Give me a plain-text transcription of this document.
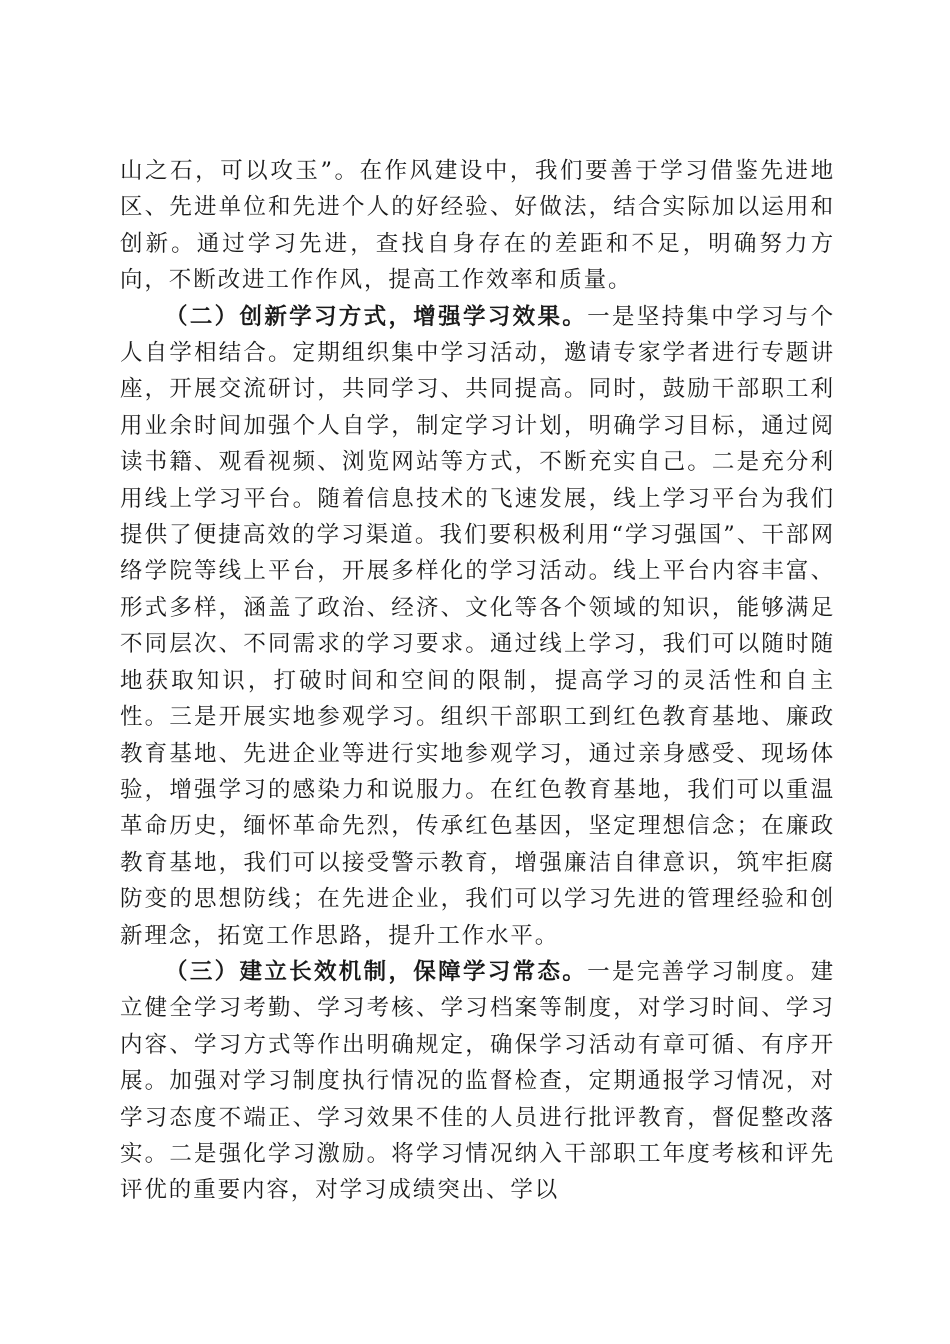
山之石，可以攻玉”。在作风建设中，我们要善于学习借鉴先进地区、先进单位和先进个人的好经验、好做法，结合实际加以运用和创新。通过学习先进，查找自身存在的差距和不足，明确努力方向，不断改进工作作风，提高工作效率和质量。

（二）创新学习方式，增强学习效果。一是坚持集中学习与个人自学相结合。定期组织集中学习活动，邀请专家学者进行专题讲座，开展交流研讨，共同学习、共同提高。同时，鼓励干部职工利用业余时间加强个人自学，制定学习计划，明确学习目标，通过阅读书籍、观看视频、浏览网站等方式，不断充实自己。二是充分利用线上学习平台。随着信息技术的飞速发展，线上学习平台为我们提供了便捷高效的学习渠道。我们要积极利用“学习强国”、干部网络学院等线上平台，开展多样化的学习活动。线上平台内容丰富、形式多样，涵盖了政治、经济、文化等各个领域的知识，能够满足不同层次、不同需求的学习要求。通过线上学习，我们可以随时随地获取知识，打破时间和空间的限制，提高学习的灵活性和自主性。三是开展实地参观学习。组织干部职工到红色教育基地、廉政教育基地、先进企业等进行实地参观学习，通过亲身感受、现场体验，增强学习的感染力和说服力。在红色教育基地，我们可以重温革命历史，缅怀革命先烈，传承红色基因，坚定理想信念；在廉政教育基地，我们可以接受警示教育，增强廉洁自律意识，筑牢拒腐防变的思想防线；在先进企业，我们可以学习先进的管理经验和创新理念，拓宽工作思路，提升工作水平。

（三）建立长效机制，保障学习常态。一是完善学习制度。建立健全学习考勤、学习考核、学习档案等制度，对学习时间、学习内容、学习方式等作出明确规定，确保学习活动有章可循、有序开展。加强对学习制度执行情况的监督检查，定期通报学习情况，对学习态度不端正、学习效果不佳的人员进行批评教育，督促整改落实。二是强化学习激励。将学习情况纳入干部职工年度考核和评先评优的重要内容，对学习成绩突出、学以
